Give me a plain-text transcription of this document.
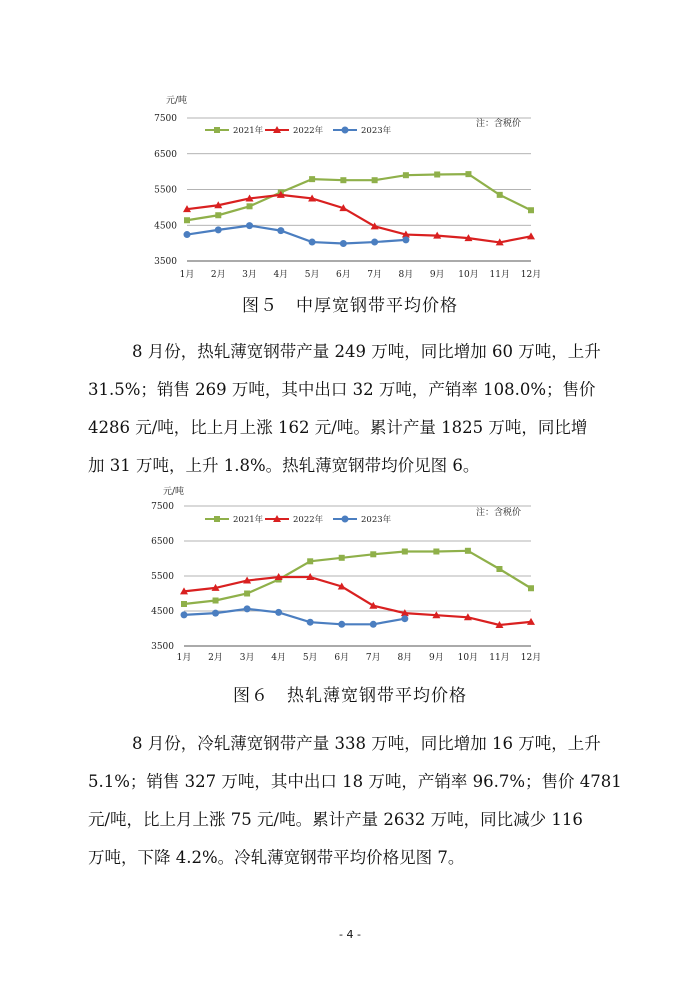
元/吨
3500
4500
5500
6500
7500
1月 2月 3月 4月 5月 6月 7月 8月 9月 10月 11月 12月
注：含税价
2021年	2022年	2023年
元/吨
3500
4500
5500
6500
7500
1月 2月 3月 4月 5月 6月 7月 8月 9月 10月 11月 12月
注：含税价
2021年	2022年	2023年
图５　中厚宽钢带平均价格
8 月份，热轧薄宽钢带产量 249 万吨，同比增加 60 万吨，上升
31.5%；销售 269 万吨，其中出口 32 万吨，产销率 108.0%；售价
4286 元/吨，比上月上涨 162 元/吨。累计产量 1825 万吨，同比增
加 31 万吨，上升 1.8%。热轧薄宽钢带均价见图 6。
图６　热轧薄宽钢带平均价格
8 月份，冷轧薄宽钢带产量 338 万吨，同比增加 16 万吨，上升
5.1%；销售 327 万吨，其中出口 18 万吨，产销率 96.7%；售价 4781
元/吨，比上月上涨 75 元/吨。累计产量 2632 万吨，同比减少 116
万吨，下降 4.2%。冷轧薄宽钢带平均价格见图 7。
- 4 -
